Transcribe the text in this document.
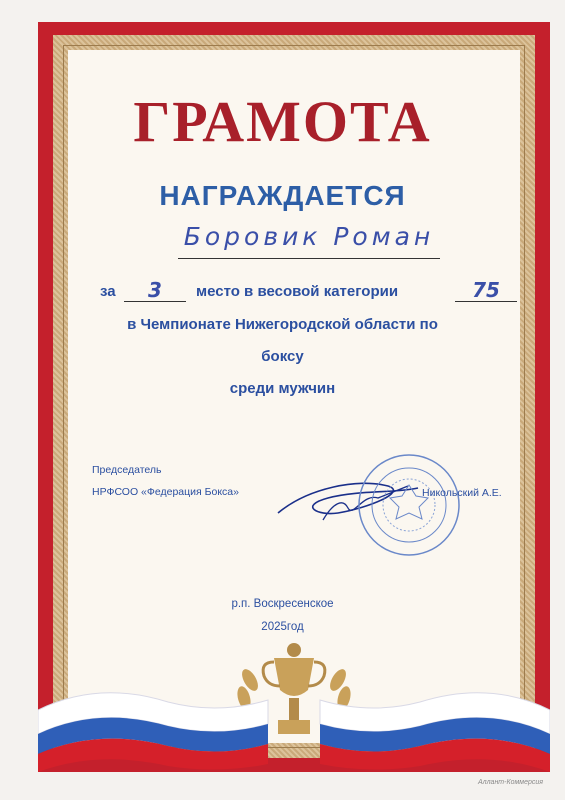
ГРАМОТА
НАГРАЖДАЕТСЯ
Боровик Роман
за	3	место в весовой категории	75
в Чемпионате Нижегородской области по
боксу
среди мужчин
Председатель
НРФСОО «Федерация Бокса»	Никольский А.Е.
р.п. Воскресенское
2025год
Аллант-Коммерсия
